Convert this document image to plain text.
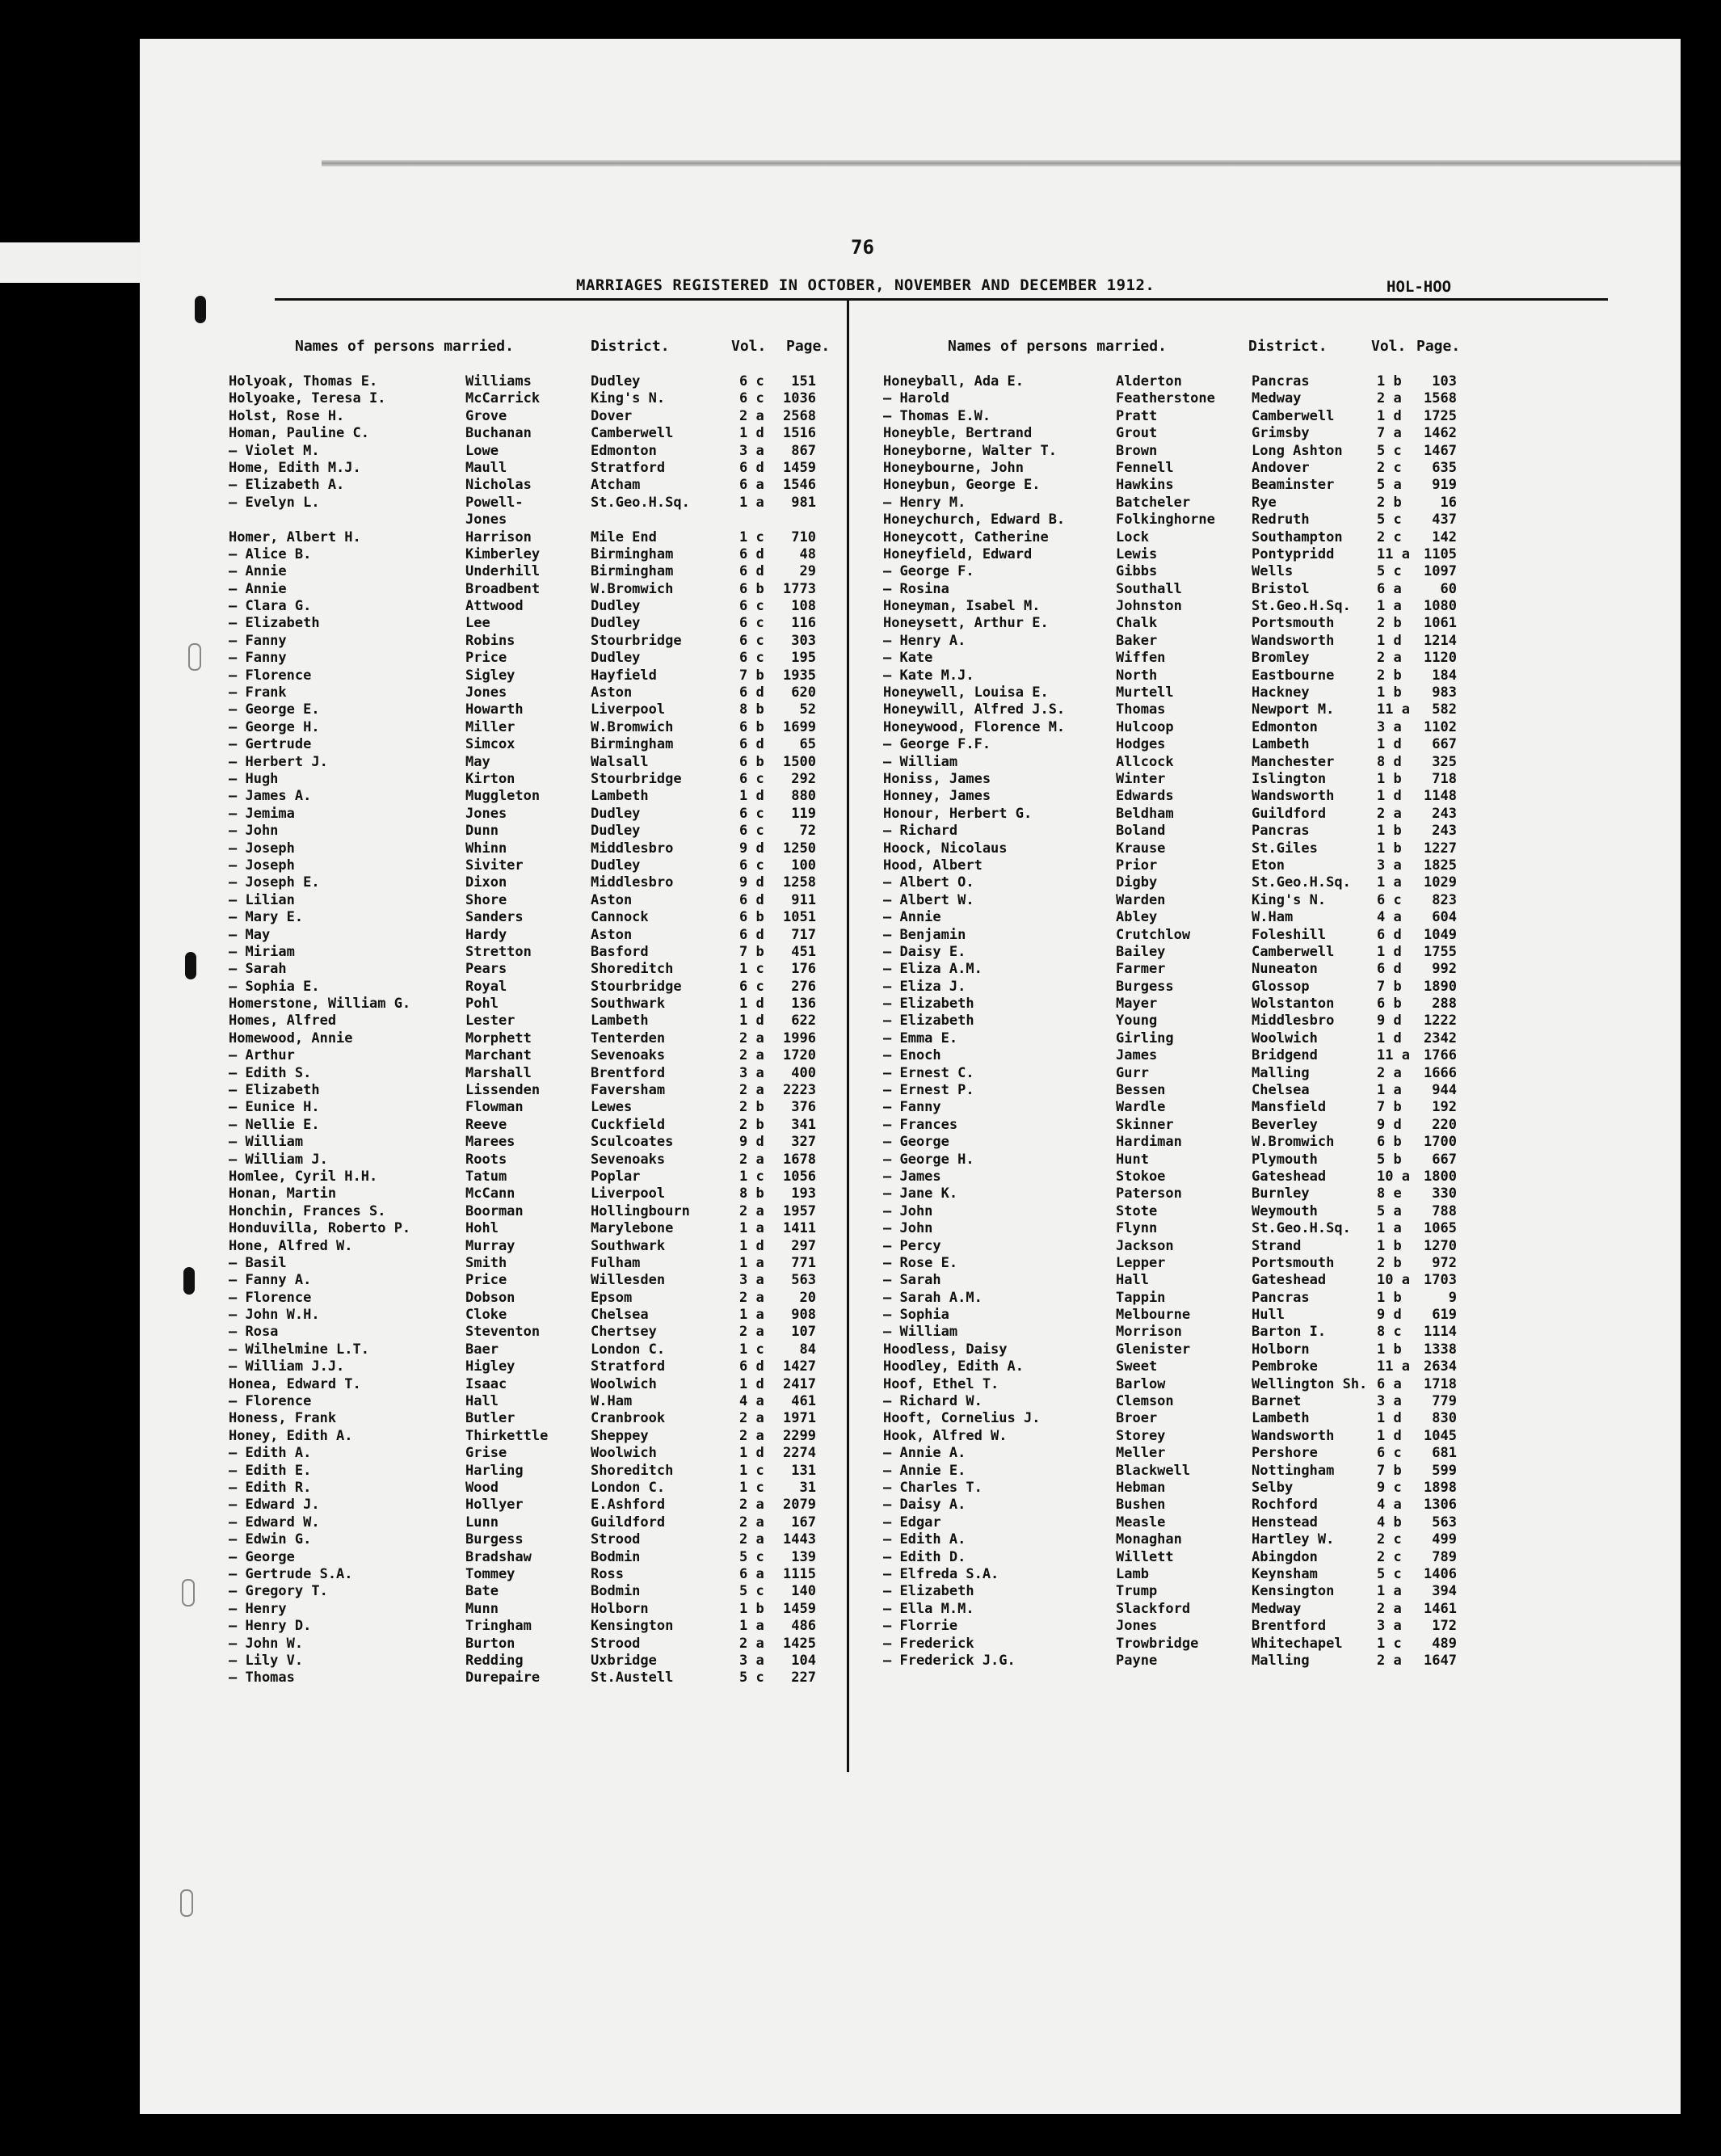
76
MARRIAGES REGISTERED IN OCTOBER, NOVEMBER AND DECEMBER 1912.	HOL-HOO
Names of persons married.	District.	Vol. Page.
Holyoak, Thomas E.	Williams	Dudley	6 c	151
Holyoake, Teresa I.	McCarrick	King's N.	6 c	1036
Holst, Rose H.	Grove	Dover	2 a	2568
Homan, Pauline C.	Buchanan	Camberwell	1 d	1516
— Violet M.	Lowe	Edmonton	3 a	867
Home, Edith M.J.	Maull	Stratford	6 d	1459
— Elizabeth A.	Nicholas	Atcham	6 a	1546
— Evelyn L.	Powell-	St.Geo.H.Sq.	1 a	981
Jones
Homer, Albert H.	Harrison	Mile End	1 c	710
— Alice B.	Kimberley	Birmingham	6 d	48
— Annie	Underhill	Birmingham	6 d	29
— Annie	Broadbent	W.Bromwich	6 b	1773
— Clara G.	Attwood	Dudley	6 c	108
— Elizabeth	Lee	Dudley	6 c	116
— Fanny	Robins	Stourbridge	6 c	303
— Fanny	Price	Dudley	6 c	195
— Florence	Sigley	Hayfield	7 b	1935
— Frank	Jones	Aston	6 d	620
— George E.	Howarth	Liverpool	8 b	52
— George H.	Miller	W.Bromwich	6 b	1699
— Gertrude	Simcox	Birmingham	6 d	65
— Herbert J.	May	Walsall	6 b	1500
— Hugh	Kirton	Stourbridge	6 c	292
— James A.	Muggleton	Lambeth	1 d	880
— Jemima	Jones	Dudley	6 c	119
— John	Dunn	Dudley	6 c	72
— Joseph	Whinn	Middlesbro	9 d	1250
— Joseph	Siviter	Dudley	6 c	100
— Joseph E.	Dixon	Middlesbro	9 d	1258
— Lilian	Shore	Aston	6 d	911
— Mary E.	Sanders	Cannock	6 b	1051
— May	Hardy	Aston	6 d	717
— Miriam	Stretton	Basford	7 b	451
— Sarah	Pears	Shoreditch	1 c	176
— Sophia E.	Royal	Stourbridge	6 c	276
Homerstone, William G.	Pohl	Southwark	1 d	136
Homes, Alfred	Lester	Lambeth	1 d	622
Homewood, Annie	Morphett	Tenterden	2 a	1996
— Arthur	Marchant	Sevenoaks	2 a	1720
— Edith S.	Marshall	Brentford	3 a	400
— Elizabeth	Lissenden	Faversham	2 a	2223
— Eunice H.	Flowman	Lewes	2 b	376
— Nellie E.	Reeve	Cuckfield	2 b	341
— William	Marees	Sculcoates	9 d	327
— William J.	Roots	Sevenoaks	2 a	1678
Homlee, Cyril H.H.	Tatum	Poplar	1 c	1056
Honan, Martin	McCann	Liverpool	8 b	193
Honchin, Frances S.	Boorman	Hollingbourn	2 a	1957
Honduvilla, Roberto P.	Hohl	Marylebone	1 a	1411
Hone, Alfred W.	Murray	Southwark	1 d	297
— Basil	Smith	Fulham	1 a	771
— Fanny A.	Price	Willesden	3 a	563
— Florence	Dobson	Epsom	2 a	20
— John W.H.	Cloke	Chelsea	1 a	908
— Rosa	Steventon	Chertsey	2 a	107
— Wilhelmine L.T.	Baer	London C.	1 c	84
— William J.J.	Higley	Stratford	6 d	1427
Honea, Edward T.	Isaac	Woolwich	1 d	2417
— Florence	Hall	W.Ham	4 a	461
Honess, Frank	Butler	Cranbrook	2 a	1971
Honey, Edith A.	Thirkettle	Sheppey	2 a	2299
— Edith A.	Grise	Woolwich	1 d	2274
— Edith E.	Harling	Shoreditch	1 c	131
— Edith R.	Wood	London C.	1 c	31
— Edward J.	Hollyer	E.Ashford	2 a	2079
— Edward W.	Lunn	Guildford	2 a	167
— Edwin G.	Burgess	Strood	2 a	1443
— George	Bradshaw	Bodmin	5 c	139
— Gertrude S.A.	Tommey	Ross	6 a	1115
— Gregory T.	Bate	Bodmin	5 c	140
— Henry	Munn	Holborn	1 b	1459
— Henry D.	Tringham	Kensington	1 a	486
— John W.	Burton	Strood	2 a	1425
— Lily V.	Redding	Uxbridge	3 a	104
— Thomas	Durepaire	St.Austell	5 c	227
Names of persons married.	District.	Vol. Page.
Honeyball, Ada E.	Alderton	Pancras	1 b	103
— Harold	Featherstone	Medway	2 a	1568
— Thomas E.W.	Pratt	Camberwell	1 d	1725
Honeyble, Bertrand	Grout	Grimsby	7 a	1462
Honeyborne, Walter T.	Brown	Long Ashton 5 c	1467
Honeybourne, John	Fennell	Andover	2 c	635
Honeybun, George E.	Hawkins	Beaminster	5 a	919
— Henry M.	Batcheler	Rye	2 b	16
Honeychurch, Edward B.	Folkinghorne	Redruth	5 c	437
Honeycott, Catherine	Lock	Southampton 2 c	142
Honeyfield, Edward	Lewis	Pontypridd	11 a	1105
— George F.	Gibbs	Wells	5 c	1097
— Rosina	Southall	Bristol	6 a	60
Honeyman, Isabel M.	Johnston	St.Geo.H.Sq. 1 a	1080
Honeysett, Arthur E.	Chalk	Portsmouth	2 b	1061
— Henry A.	Baker	Wandsworth	1 d	1214
— Kate	Wiffen	Bromley	2 a	1120
— Kate M.J.	North	Eastbourne	2 b	184
Honeywell, Louisa E.	Murtell	Hackney	1 b	983
Honeywill, Alfred J.S.	Thomas	Newport M.	11 a	582
Honeywood, Florence M.	Hulcoop	Edmonton	3 a	1102
— George F.F.	Hodges	Lambeth	1 d	667
— William	Allcock	Manchester	8 d	325
Honiss, James	Winter	Islington	1 b	718
Honney, James	Edwards	Wandsworth	1 d	1148
Honour, Herbert G.	Beldham	Guildford	2 a	243
— Richard	Boland	Pancras	1 b	243
Hoock, Nicolaus	Krause	St.Giles	1 b	1227
Hood, Albert	Prior	Eton	3 a	1825
— Albert O.	Digby	St.Geo.H.Sq. 1 a	1029
— Albert W.	Warden	King's N.	6 c	823
— Annie	Abley	W.Ham	4 a	604
— Benjamin	Crutchlow	Foleshill	6 d	1049
— Daisy E.	Bailey	Camberwell	1 d	1755
— Eliza A.M.	Farmer	Nuneaton	6 d	992
— Eliza J.	Burgess	Glossop	7 b	1890
— Elizabeth	Mayer	Wolstanton	6 b	288
— Elizabeth	Young	Middlesbro	9 d	1222
— Emma E.	Girling	Woolwich	1 d	2342
— Enoch	James	Bridgend	11 a	1766
— Ernest C.	Gurr	Malling	2 a	1666
— Ernest P.	Bessen	Chelsea	1 a	944
— Fanny	Wardle	Mansfield	7 b	192
— Frances	Skinner	Beverley	9 d	220
— George	Hardiman	W.Bromwich	6 b	1700
— George H.	Hunt	Plymouth	5 b	667
— James	Stokoe	Gateshead	10 a	1800
— Jane K.	Paterson	Burnley	8 e	330
— John	Stote	Weymouth	5 a	788
— John	Flynn	St.Geo.H.Sq. 1 a	1065
— Percy	Jackson	Strand	1 b	1270
— Rose E.	Lepper	Portsmouth	2 b	972
— Sarah	Hall	Gateshead	10 a	1703
— Sarah A.M.	Tappin	Pancras	1 b	9
— Sophia	Melbourne	Hull	9 d	619
— William	Morrison	Barton I.	8 c	1114
Hoodless, Daisy	Glenister	Holborn	1 b	1338
Hoodley, Edith A.	Sweet	Pembroke	11 a	2634
Hoof, Ethel T.	Barlow	Wellington Sh. 6 a	1718
— Richard W.	Clemson	Barnet	3 a	779
Hooft, Cornelius J.	Broer	Lambeth	1 d	830
Hook, Alfred W.	Storey	Wandsworth	1 d	1045
— Annie A.	Meller	Pershore	6 c	681
— Annie E.	Blackwell	Nottingham	7 b	599
— Charles T.	Hebman	Selby	9 c	1898
— Daisy A.	Bushen	Rochford	4 a	1306
— Edgar	Measle	Henstead	4 b	563
— Edith A.	Monaghan	Hartley W.	2 c	499
— Edith D.	Willett	Abingdon	2 c	789
— Elfreda S.A.	Lamb	Keynsham	5 c	1406
— Elizabeth	Trump	Kensington	1 a	394
— Ella M.M.	Slackford	Medway	2 a	1461
— Florrie	Jones	Brentford	3 a	172
— Frederick	Trowbridge	Whitechapel 1 c	489
— Frederick J.G.	Payne	Malling	2 a	1647
